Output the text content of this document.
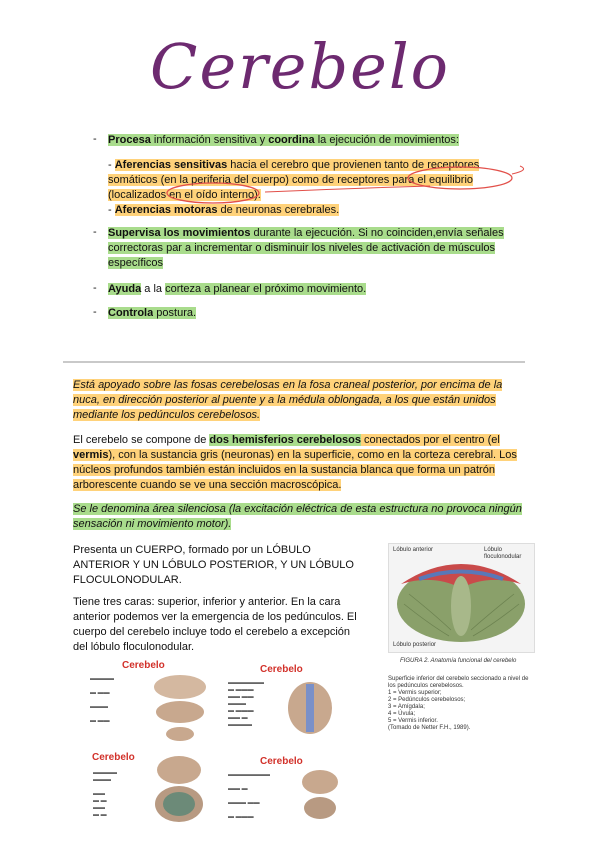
Cerebelo
- Procesa información sensitiva y coordina la ejecución de movimientos:
- Aferencias sensitivas hacia el cerebro que provienen tanto de receptores
somáticos (en la periferia del cuerpo) como de receptores para el equilibrio
(localizados en el oído interno).
- Aferencias motoras de neuronas cerebrales.
- Supervisa los movimientos durante la ejecución. Si no coinciden,envía señales
correctoras par a incrementar o disminuir los niveles de activación de músculos
específicos
- Ayuda a la corteza a planear el próximo movimiento.
- Controla postura.
Está apoyado sobre las fosas cerebelosas en la fosa craneal posterior, por encima de la
nuca, en dirección posterior al puente y a la médula oblongada, a los que están unidos
mediante los pedúnculos cerebelosos.
El cerebelo se compone de dos hemisferios cerebelosos conectados por el centro (el
vermis), con la sustancia gris (neuronas) en la superficie, como en la corteza cerebral. Los
núcleos profundos también están incluidos en la sustancia blanca que forma un patrón
arborescente cuando se ve una sección macroscópica.
Se le denomina área silenciosa (la excitación eléctrica de esta estructura no provoca ningún
sensación ni movimiento motor).
Presenta un CUERPO, formado por un LÓBULO
ANTERIOR Y UN LÓBULO POSTERIOR, Y UN LÓBULO
FLOCULONODULAR.
Tiene tres caras: superior, inferior y anterior. En la cara
anterior podemos ver la emergencia de los pedúnculos. El
cuerpo del cerebelo incluye todo el cerebelo a excepción
del lóbulo floculonodular.
Lóbulo anterior	Lóbulo floculonodular
Lóbulo posterior
FIGURA 2. Anatomía funcional del cerebelo
Superficie inferior del cerebelo seccionado a nivel de
los pedúnculos cerebelosos.
1 = Vermis superior;
2 = Pedúnculos cerebelosos;
3 = Amígdala;
4 = Úvula;
5 = Vermis inferior.
(Tomado de Netter F.H., 1989).
Cerebelo
▬▬▬▬

▬ ▬▬

▬▬▬

▬ ▬▬
Cerebelo
▬▬▬▬▬▬
▬ ▬▬▬
▬▬ ▬▬
▬▬▬
▬ ▬▬▬
▬▬ ▬
▬▬▬▬
Cerebelo
▬▬▬▬
▬▬▬

▬▬
▬ ▬
▬▬
▬ ▬
Cerebelo
▬▬▬▬▬▬▬

▬▬ ▬

▬▬▬ ▬▬

▬ ▬▬▬
